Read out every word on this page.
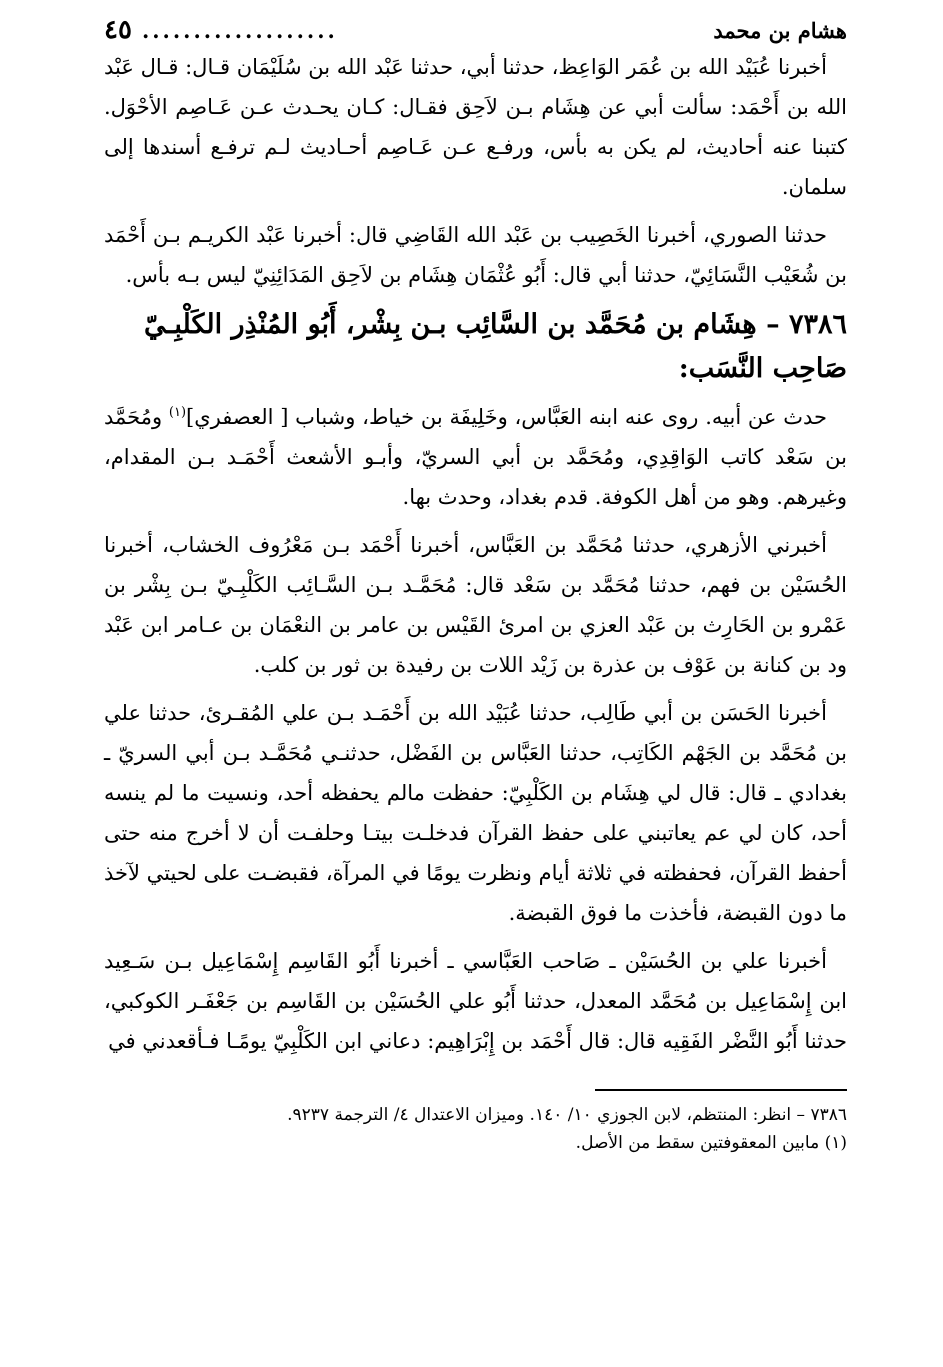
هشام بن محمد
...................
٤٥

أخبرنا عُبَيْد الله بن عُمَر الوَاعِظ، حدثنا أبي، حدثنا عَبْد الله بن سُلَيْمَان قـال: قـال عَبْد الله بن أَحْمَد: سألت أبي عن هِشَام بـن لاَحِق فقـال: كـان يحـدث عـن عَـاصِم الأحْوَل. كتبنا عنه أحاديث، لم يكن به بأس، ورفـع عـن عَـاصِم أحـاديث لـم ترفـع أسندها إلى سلمان.

حدثنا الصوري، أخبرنا الخَصِيب بن عَبْد الله القَاضِي قال: أخبرنا عَبْد الكريـم بـن أَحْمَد بن شُعَيْب النَّسَائِيّ، حدثنا أبي قال: أَبُو عُثْمَان هِشَام بن لاَحِق المَدَائِنِيّ ليس بـه بأس.

٧٣٨٦ – هِشَام بن مُحَمَّد بن السَّائِب بـن بِشْر، أَبُو المُنْذِر الكَلْبِـيّ صَاحِب النَّسَب:

حدث عن أبيه. روى عنه ابنه العَبَّاس، وخَلِيفَة بن خياط، وشباب [ العصفري]$^{(١)}$ ومُحَمَّد بن سَعْد كاتب الوَاقِدِي، ومُحَمَّد بن أبي السريّ، وأبـو الأشعث أَحْمَـد بـن المقدام، وغيرهم. وهو من أهل الكوفة. قدم بغداد، وحدث بها.

أخبرني الأزهري، حدثنا مُحَمَّد بن العَبَّاس، أخبرنا أَحْمَد بـن مَعْرُوف الخشاب، أخبرنا الحُسَيْن بن فهم، حدثنا مُحَمَّد بن سَعْد قال: مُحَمَّـد بـن السَّـائِب الكَلْبِـيّ بـن بِشْر بن عَمْرو بن الحَارِث بن عَبْد العزي بن امرئ القَيْس بن عامر بن النعْمَان بن عـامر ابن عَبْد ود بن كنانة بن عَوْف بن عذرة بن زَيْد اللات بن رفيدة بن ثور بن كلب.

أخبرنا الحَسَن بن أبي طَالِب، حدثنا عُبَيْد الله بن أَحْمَـد بـن علي المُقـرئ، حدثنا علي بن مُحَمَّد بن الجَهْم الكَاتِب، حدثنا العَبَّاس بن الفَضْل، حدثنـي مُحَمَّـد بـن أبي السريّ ـ بغدادي ـ قال: قال لي هِشَام بن الكَلْبِيّ: حفظت مالم يحفظه أحد، ونسيت ما لم ينسه أحد، كان لي عم يعاتبني على حفظ القرآن فدخلـت بيتـا وحلفـت أن لا أخرج منه حتى أحفظ القرآن، فحفظته في ثلاثة أيام ونظرت يومًا في المرآة، فقبضـت على لحيتي لآخذ ما دون القبضة، فأخذت ما فوق القبضة.

أخبرنا علي بن الحُسَيْن ـ صَاحب العَبَّاسي ـ أخبرنا أَبُو القَاسِم إِسْمَاعِيل بـن سَـعِيد ابن إِسْمَاعِيل بن مُحَمَّد المعدل، حدثنا أَبُو علي الحُسَيْن بن القَاسِم بن جَعْفَـر الكوكبي، حدثنا أَبُو النَّضْر الفَقِيه قال: قال أَحْمَد بن إِبْرَاهِيم: دعاني ابن الكَلْبِيّ يومًـا فـأقعدني في

٧٣٨٦ – انظر: المنتظم، لابن الجوزي ١٠/ ١٤٠. وميزان الاعتدال ٤/ الترجمة ٩٢٣٧.
(١) مابين المعقوفتين سقط من الأصل.
